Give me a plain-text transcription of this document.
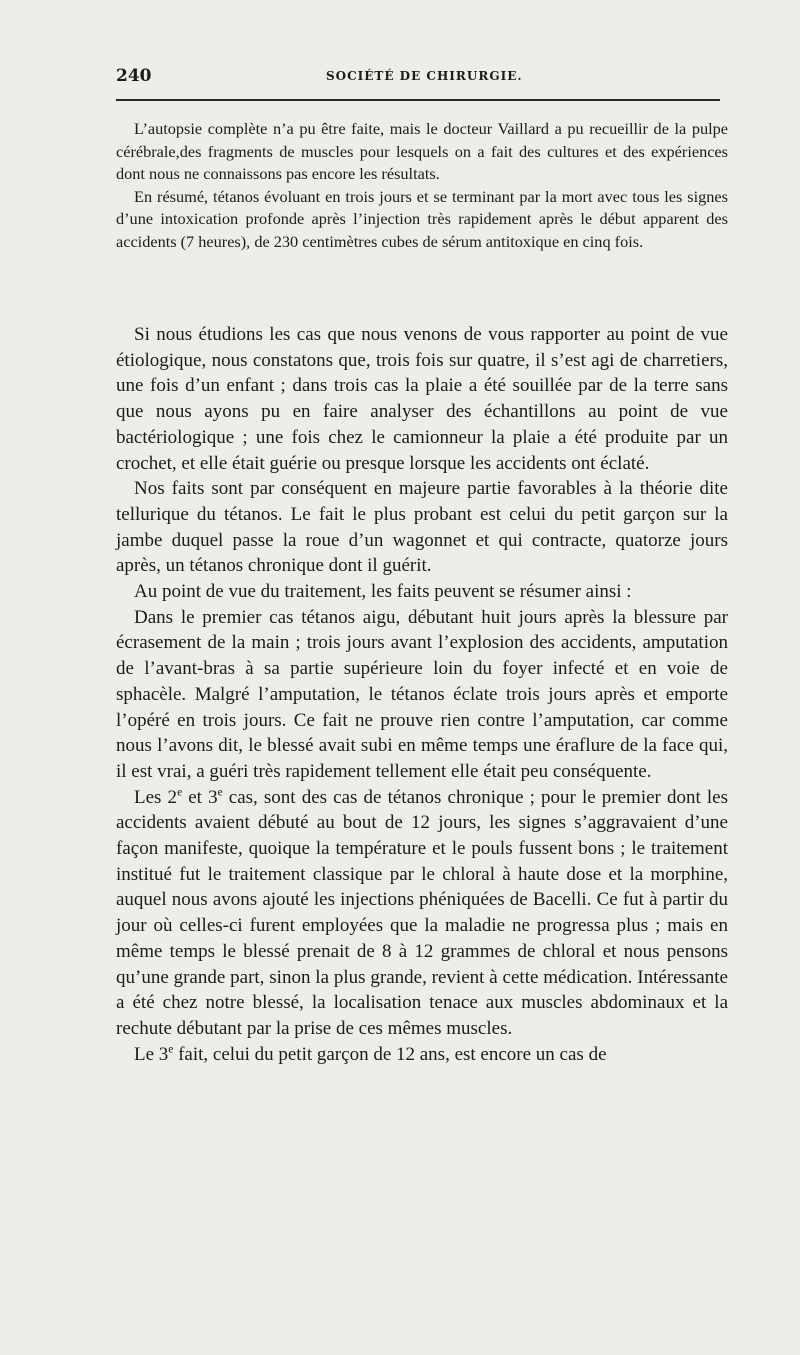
240	SOCIÉTÉ DE CHIRURGIE.

L’autopsie complète n’a pu être faite, mais le docteur Vaillard a pu recueillir de la pulpe cérébrale,des fragments de muscles pour lesquels on a fait des cultures et des expériences dont nous ne connaissons pas encore les résultats.

En résumé, tétanos évoluant en trois jours et se terminant par la mort avec tous les signes d’une intoxication profonde après l’injection très rapidement après le début apparent des accidents (7 heures), de 230 centimètres cubes de sérum antitoxique en cinq fois.

Si nous étudions les cas que nous venons de vous rapporter au point de vue étiologique, nous constatons que, trois fois sur quatre, il s’est agi de charretiers, une fois d’un enfant ; dans trois cas la plaie a été souillée par de la terre sans que nous ayons pu en faire analyser des échantillons au point de vue bactériologique ; une fois chez le camionneur la plaie a été produite par un crochet, et elle était guérie ou presque lorsque les accidents ont éclaté.

Nos faits sont par conséquent en majeure partie favorables à la théorie dite tellurique du tétanos. Le fait le plus probant est celui du petit garçon sur la jambe duquel passe la roue d’un wagonnet et qui contracte, quatorze jours après, un tétanos chronique dont il guérit.

Au point de vue du traitement, les faits peuvent se résumer ainsi :

Dans le premier cas tétanos aigu, débutant huit jours après la blessure par écrasement de la main ; trois jours avant l’explosion des accidents, amputation de l’avant-bras à sa partie supérieure loin du foyer infecté et en voie de sphacèle. Malgré l’amputation, le tétanos éclate trois jours après et emporte l’opéré en trois jours. Ce fait ne prouve rien contre l’amputation, car comme nous l’avons dit, le blessé avait subi en même temps une éraflure de la face qui, il est vrai, a guéri très rapidement tellement elle était peu conséquente.

Les 2e et 3e cas, sont des cas de tétanos chronique ; pour le premier dont les accidents avaient débuté au bout de 12 jours, les signes s’aggravaient d’une façon manifeste, quoique la température et le pouls fussent bons ; le traitement institué fut le traitement classique par le chloral à haute dose et la morphine, auquel nous avons ajouté les injections phéniquées de Bacelli. Ce fut à partir du jour où celles-ci furent employées que la maladie ne progressa plus ; mais en même temps le blessé prenait de 8 à 12 grammes de chloral et nous pensons qu’une grande part, sinon la plus grande, revient à cette médication. Intéressante a été chez notre blessé, la localisation tenace aux muscles abdominaux et la rechute débutant par la prise de ces mêmes muscles.

Le 3e fait, celui du petit garçon de 12 ans, est encore un cas de
